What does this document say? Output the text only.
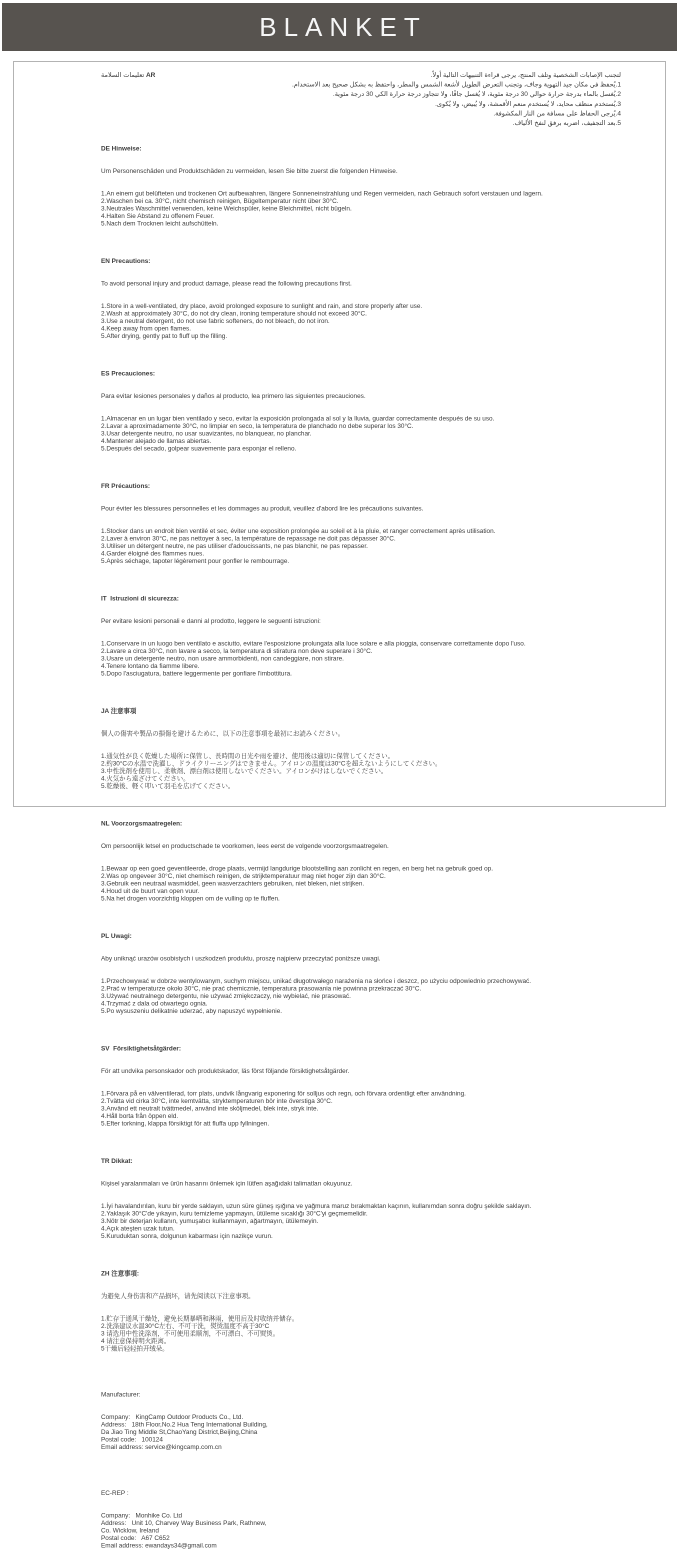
BLANKET
AR تعليمات السلامة	لتجنب الإصابات الشخصية وتلف المنتج، يرجى قراءة التنبيهات التالية أولاً.
1.يُحفظ في مكان جيد التهوية وجاف، وتجنب التعرض الطويل لأشعة الشمس والمطر، واحتفظ به بشكل صحيح بعد الاستخدام.
2.يُغسل بالماء بدرجة حرارة حوالي 30 درجة مئوية، لا يُغسل جافًا، ولا تتجاوز درجة حرارة الكي 30 درجة مئوية.
3.يُستخدم منظف محايد، لا يُستخدم منعم الأقمشة، ولا يُبيض، ولا يُكوى.
4.يُرجى الحفاظ على مسافة من النار المكشوفة.
5.بعد التجفيف، اضربه برفق لنفخ الألياف.

DE Hinweise:

Um Personenschäden und Produktschäden zu vermeiden, lesen Sie bitte zuerst die folgenden Hinweise.

1.An einem gut belüfteten und trockenen Ort aufbewahren, längere Sonneneinstrahlung und Regen vermeiden, nach Gebrauch sofort verstauen und lagern.
2.Waschen bei ca. 30°C, nicht chemisch reinigen, Bügeltemperatur nicht über 30°C.
3.Neutrales Waschmittel verwenden, keine Weichspüler, keine Bleichmittel, nicht bügeln.
4.Halten Sie Abstand zu offenem Feuer.
5.Nach dem Trocknen leicht aufschütteln.

EN Precautions:

To avoid personal injury and product damage, please read the following precautions first.

1.Store in a well-ventilated, dry place, avoid prolonged exposure to sunlight and rain, and store properly after use.
2.Wash at approximately 30°C, do not dry clean, ironing temperature should not exceed 30°C.
3.Use a neutral detergent, do not use fabric softeners, do not bleach, do not iron.
4.Keep away from open flames.
5.After drying, gently pat to fluff up the filling.

ES Precauciones:

Para evitar lesiones personales y daños al producto, lea primero las siguientes precauciones.

1.Almacenar en un lugar bien ventilado y seco, evitar la exposición prolongada al sol y la lluvia, guardar correctamente después de su uso.
2.Lavar a aproximadamente 30°C, no limpiar en seco, la temperatura de planchado no debe superar los 30°C.
3.Usar detergente neutro, no usar suavizantes, no blanquear, no planchar.
4.Mantener alejado de llamas abiertas.
5.Después del secado, golpear suavemente para esponjar el relleno.

FR Précautions:

Pour éviter les blessures personnelles et les dommages au produit, veuillez d'abord lire les précautions suivantes.

1.Stocker dans un endroit bien ventilé et sec, éviter une exposition prolongée au soleil et à la pluie, et ranger correctement après utilisation.
2.Laver à environ 30°C, ne pas nettoyer à sec, la température de repassage ne doit pas dépasser 30°C.
3.Utiliser un détergent neutre, ne pas utiliser d'adoucissants, ne pas blanchir, ne pas repasser.
4.Garder éloigné des flammes nues.
5.Après séchage, tapoter légèrement pour gonfler le rembourrage.

IT  Istruzioni di sicurezza:

Per evitare lesioni personali e danni al prodotto, leggere le seguenti istruzioni:

1.Conservare in un luogo ben ventilato e asciutto, evitare l'esposizione prolungata alla luce solare e alla pioggia, conservare correttamente dopo l'uso.
2.Lavare a circa 30°C, non lavare a secco, la temperatura di stiratura non deve superare i 30°C.
3.Usare un detergente neutro, non usare ammorbidenti, non candeggiare, non stirare.
4.Tenere lontano da fiamme libere.
5.Dopo l'asciugatura, battere leggermente per gonfiare l'imbottitura.

JA 注意事項

個人の傷害や製品の損傷を避けるために、以下の注意事項を最初にお読みください。

1.通気性が良く乾燥した場所に保管し、長時間の日光や雨を避け、使用後は適切に保管してください。
2.約30°Cの水温で洗濯し、ドライクリーニングはできません。アイロンの温度は30°Cを超えないようにしてください。
3.中性洗剤を使用し、柔軟剤、漂白剤は使用しないでください。アイロンがけはしないでください。
4.火気から遠ざけてください。
5.乾燥後、軽く叩いて羽毛を広げてください。

NL Voorzorgsmaatregelen:

Om persoonlijk letsel en productschade te voorkomen, lees eerst de volgende voorzorgsmaatregelen.

1.Bewaar op een goed geventileerde, droge plaats, vermijd langdurige blootstelling aan zonlicht en regen, en berg het na gebruik goed op.
2.Was op ongeveer 30°C, niet chemisch reinigen, de strijktemperatuur mag niet hoger zijn dan 30°C.
3.Gebruik een neutraal wasmiddel, geen wasverzachters gebruiken, niet bleken, niet strijken.
4.Houd uit de buurt van open vuur.
5.Na het drogen voorzichtig kloppen om de vulling op te fluffen.

PL Uwagi:

Aby uniknąć urazów osobistych i uszkodzeń produktu, proszę najpierw przeczytać poniższe uwagi.

1.Przechowywać w dobrze wentylowanym, suchym miejscu, unikać długotrwałego narażenia na słońce i deszcz, po użyciu odpowiednio przechowywać.
2.Prać w temperaturze około 30°C, nie prać chemicznie, temperatura prasowania nie powinna przekraczać 30°C.
3.Używać neutralnego detergentu, nie używać zmiękczaczy, nie wybielać, nie prasować.
4.Trzymać z dala od otwartego ognia.
5.Po wysuszeniu delikatnie uderzać, aby napuszyć wypełnienie.

SV  Försiktighetsåtgärder:

För att undvika personskador och produktskador, läs först följande försiktighetsåtgärder.

1.Förvara på en välventilerad, torr plats, undvik långvarig exponering för solljus och regn, och förvara ordentligt efter användning.
2.Tvätta vid cirka 30°C, inte kemtvätta, stryktemperaturen bör inte överstiga 30°C.
3.Använd ett neutralt tvättmedel, använd inte sköljmedel, blek inte, stryk inte.
4.Håll borta från öppen eld.
5.Efter torkning, klappa försiktigt för att fluffa upp fyllningen.

TR Dikkat:

Kişisel yaralanmaları ve ürün hasarını önlemek için lütfen aşağıdaki talimatları okuyunuz.

1.İyi havalandırılan, kuru bir yerde saklayın, uzun süre güneş ışığına ve yağmura maruz bırakmaktan kaçının, kullanımdan sonra doğru şekilde saklayın.
2.Yaklaşık 30°C'de yıkayın, kuru temizleme yapmayın, ütüleme sıcaklığı 30°C'yi geçmemelidir.
3.Nötr bir deterjan kullanın, yumuşatıcı kullanmayın, ağartmayın, ütülemeyin.
4.Açık ateşten uzak tutun.
5.Kuruduktan sonra, dolgunun kabarması için nazikçe vurun.

ZH 注意事項:

为避免人身伤害和产品损坏，请先阅读以下注意事项。

1.贮存于通风干燥处，避免长期暴晒和淋雨，使用后及时收纳并储存。
2.洗涤建议水温30°C左右、不可干洗，熨烫温度不高于30°C
3 请选用中性洗涤剂，不可使用柔顺剂，不可漂白、不可熨烫。
4 请注意保持明火距离。
5干燥后轻轻拍开绒朵。

Manufacturer:

Company:   KingCamp Outdoor Products Co., Ltd.
Address:   18th Floor,No.2 Hua Teng International Building,
Da Jiao Ting Middle St,ChaoYang District,Beijing,China
Postal code:   100124
Email address: service@kingcamp.com.cn

EC-REP :

Company:   Monhike Co. Ltd
Address:   Unit 10, Charvey Way Business Park, Rathnew,
Co. Wicklow, Ireland
Postal code:   A67 C652
Email address: ewandays34@gmail.com
